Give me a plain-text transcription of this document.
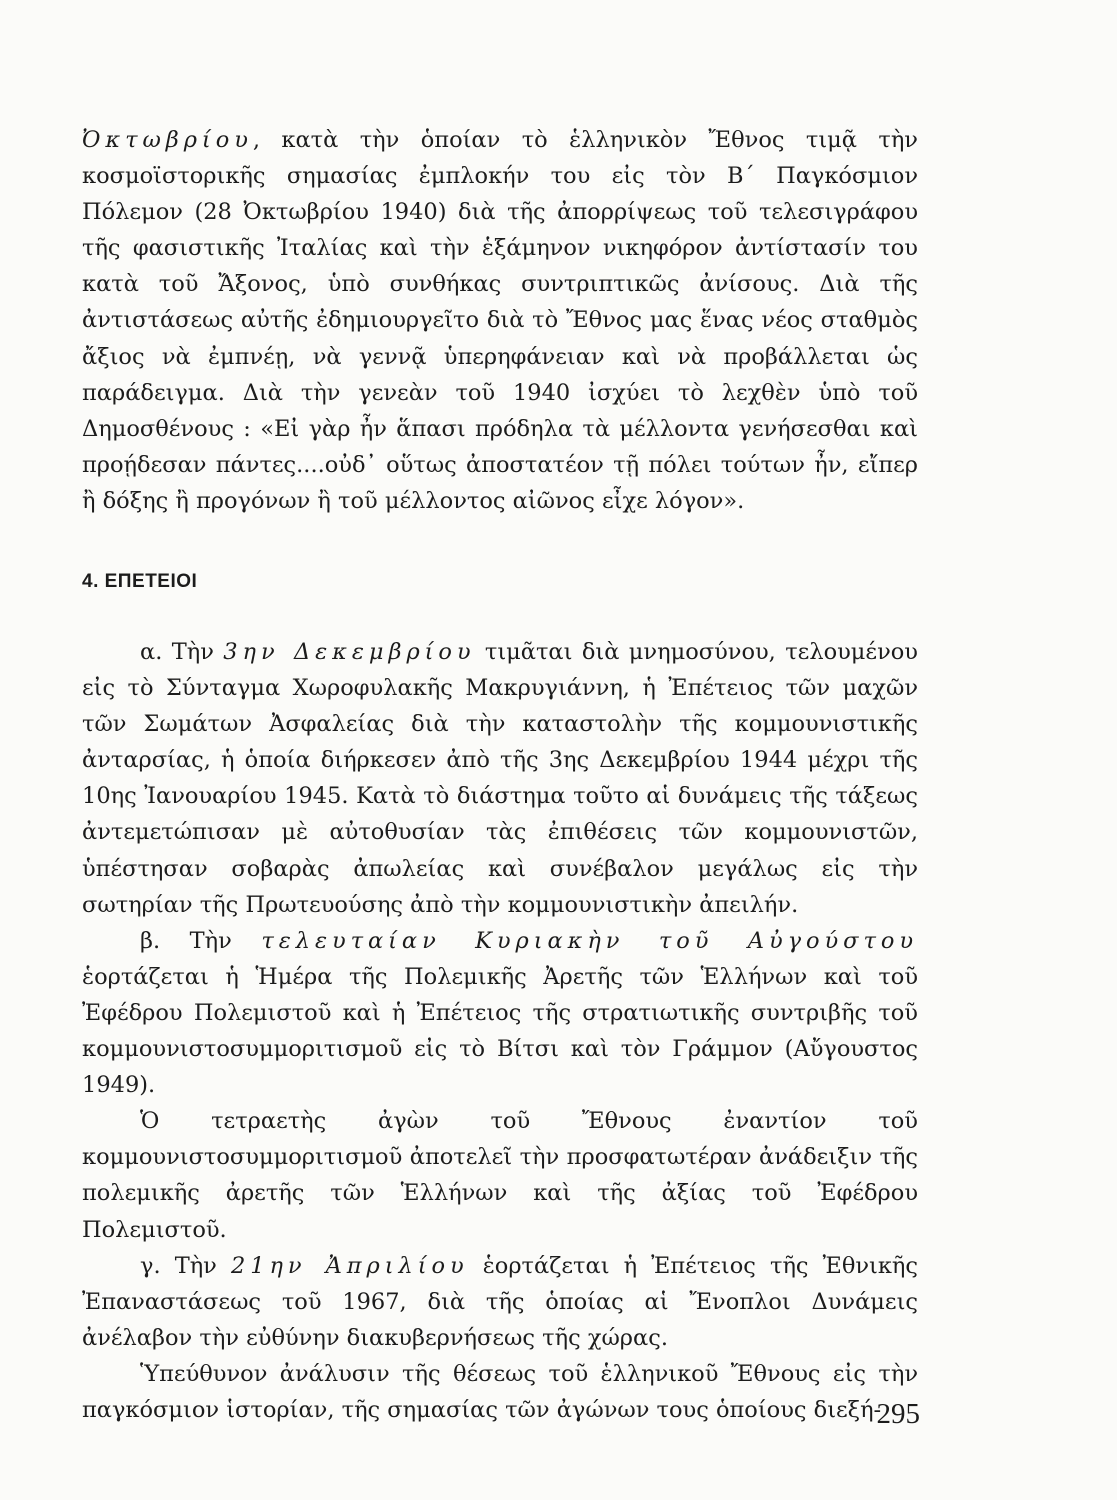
Ὀκτωβρίου, κατὰ τὴν ὁποίαν τὸ ἑλληνικὸν Ἔθνος τιμᾷ τὴν κοσμοϊστορικῆς σημασίας ἐμπλοκήν του εἰς τὸν Β΄ Παγκόσμιον Πόλεμον (28 Ὀκτωβρίου 1940) διὰ τῆς ἀπορρίψεως τοῦ τελεσιγράφου τῆς φασιστικῆς Ἰταλίας καὶ τὴν ἑξάμηνον νικηφόρον ἀντίστασίν του κατὰ τοῦ Ἄξονος, ὑπὸ συνθήκας συντριπτικῶς ἀνίσους. Διὰ τῆς ἀντιστάσεως αὐτῆς ἐδημιουργεῖτο διὰ τὸ Ἔθνος μας ἕνας νέος σταθμὸς ἄξιος νὰ ἐμπνέῃ, νὰ γεννᾷ ὑπερηφάνειαν καὶ νὰ προβάλλεται ὡς παράδειγμα. Διὰ τὴν γενεὰν τοῦ 1940 ἰσχύει τὸ λεχθὲν ὑπὸ τοῦ Δημοσθένους : «Εἰ γὰρ ἦν ἅπασι πρόδηλα τὰ μέλλοντα γενήσεσθαι καὶ προῄδεσαν πάντες....οὐδ᾿ οὕτως ἀποστατέον τῇ πόλει τούτων ἦν, εἴπερ ἢ δόξης ἢ προγόνων ἢ τοῦ μέλλοντος αἰῶνος εἶχε λόγον».

4. ΕΠΕΤΕΙΟΙ

α. Τὴν 3ην Δεκεμβρίου τιμᾶται διὰ μνημοσύνου, τελουμένου εἰς τὸ Σύνταγμα Χωροφυλακῆς Μακρυγιάννη, ἡ Ἐπέτειος τῶν μαχῶν τῶν Σωμάτων Ἀσφαλείας διὰ τὴν καταστολὴν τῆς κομμουνιστικῆς ἀνταρσίας, ἡ ὁποία διήρκεσεν ἀπὸ τῆς 3ης Δεκεμβρίου 1944 μέχρι τῆς 10ης Ἰανουαρίου 1945. Κατὰ τὸ διάστημα τοῦτο αἱ δυνάμεις τῆς τάξεως ἀντεμετώπισαν μὲ αὐτοθυσίαν τὰς ἐπιθέσεις τῶν κομμουνιστῶν, ὑπέστησαν σοβαρὰς ἀπωλείας καὶ συνέβαλον μεγάλως εἰς τὴν σωτηρίαν τῆς Πρωτευούσης ἀπὸ τὴν κομμουνιστικὴν ἀπειλήν.

β. Τὴν τελευταίαν Κυριακὴν τοῦ Αὐγούστου ἑορτάζεται ἡ Ἡμέρα τῆς Πολεμικῆς Ἀρετῆς τῶν Ἑλλήνων καὶ τοῦ Ἐφέδρου Πολεμιστοῦ καὶ ἡ Ἐπέτειος τῆς στρατιωτικῆς συντριβῆς τοῦ κομμουνιστοσυμμοριτισμοῦ εἰς τὸ Βίτσι καὶ τὸν Γράμμον (Αὔγουστος 1949).

Ὁ τετραετὴς ἀγὼν τοῦ Ἔθνους ἐναντίον τοῦ κομμουνιστοσυμμοριτισμοῦ ἀποτελεῖ τὴν προσφατωτέραν ἀνάδειξιν τῆς πολεμικῆς ἀρετῆς τῶν Ἑλλήνων καὶ τῆς ἀξίας τοῦ Ἐφέδρου Πολεμιστοῦ.

γ. Τὴν 21ην Ἀπριλίου ἑορτάζεται ἡ Ἐπέτειος τῆς Ἐθνικῆς Ἐπαναστάσεως τοῦ 1967, διὰ τῆς ὁποίας αἱ Ἔνοπλοι Δυνάμεις ἀνέλαβον τὴν εὐθύνην διακυβερνήσεως τῆς χώρας.

Ὑπεύθυνον ἀνάλυσιν τῆς θέσεως τοῦ ἑλληνικοῦ Ἔθνους εἰς τὴν παγκόσμιον ἱστορίαν, τῆς σημασίας τῶν ἀγώνων τους ὁποίους διεξή-

295
